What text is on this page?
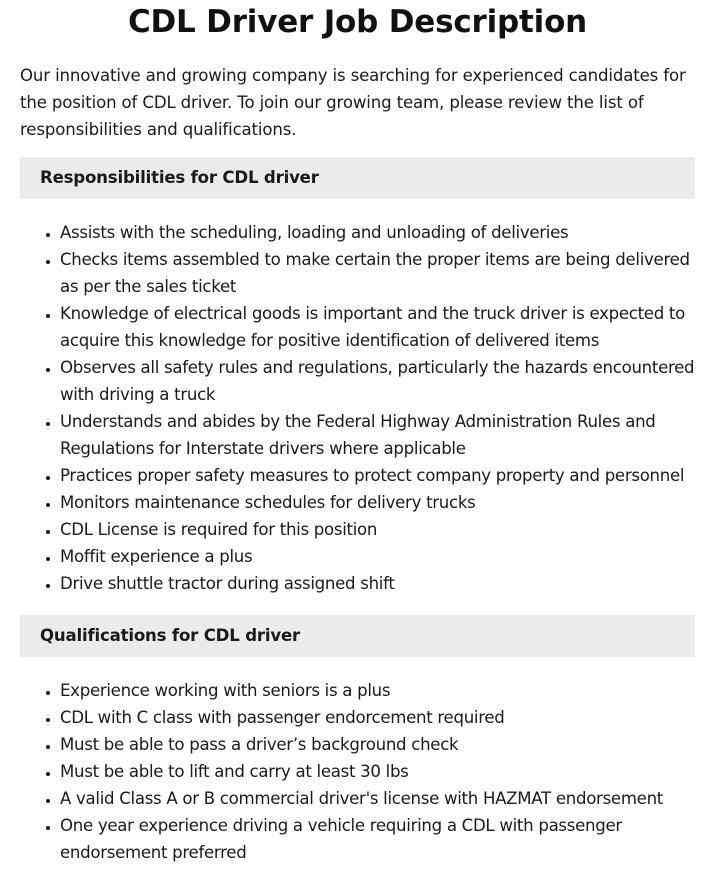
CDL Driver Job Description

Our innovative and growing company is searching for experienced candidates for the position of CDL driver. To join our growing team, please review the list of responsibilities and qualifications.

Responsibilities for CDL driver
• Assists with the scheduling, loading and unloading of deliveries
• Checks items assembled to make certain the proper items are being delivered as per the sales ticket
• Knowledge of electrical goods is important and the truck driver is expected to acquire this knowledge for positive identification of delivered items
• Observes all safety rules and regulations, particularly the hazards encountered with driving a truck
• Understands and abides by the Federal Highway Administration Rules and Regulations for Interstate drivers where applicable
• Practices proper safety measures to protect company property and personnel
• Monitors maintenance schedules for delivery trucks
• CDL License is required for this position
• Moffit experience a plus
• Drive shuttle tractor during assigned shift
Qualifications for CDL driver
• Experience working with seniors is a plus
• CDL with C class with passenger endorcement required
• Must be able to pass a driver’s background check
• Must be able to lift and carry at least 30 lbs
• A valid Class A or B commercial driver's license with HAZMAT endorsement
• One year experience driving a vehicle requiring a CDL with passenger endorsement preferred
